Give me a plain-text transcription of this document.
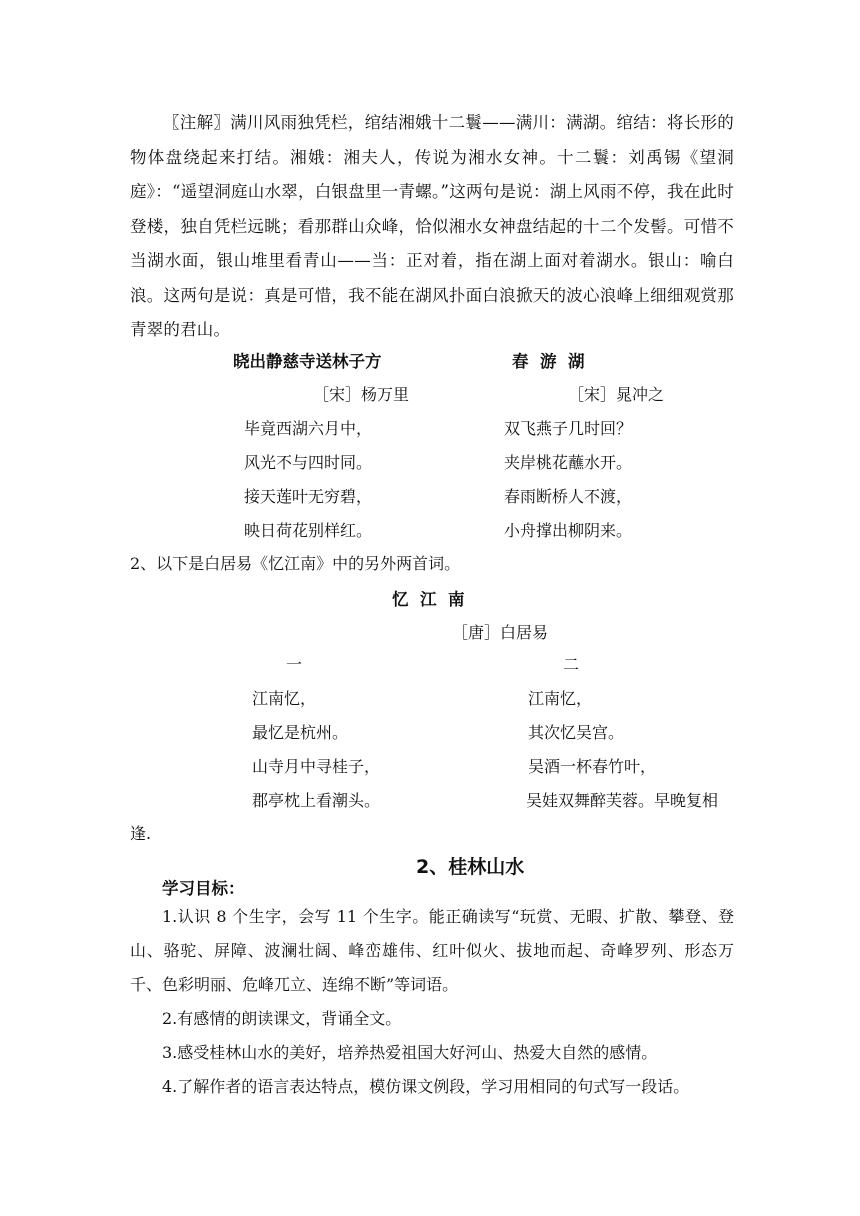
〖注解〗满川风雨独凭栏，绾结湘娥十二鬟——满川：满湖。绾结：将长形的物体盘绕起来打结。湘娥：湘夫人，传说为湘水女神。十二鬟：刘禹锡《望洞庭》：“遥望洞庭山水翠，白银盘里一青螺。”这两句是说：湖上风雨不停，我在此时登楼，独自凭栏远眺；看那群山众峰，恰似湘水女神盘结起的十二个发髻。可惜不当湖水面，银山堆里看青山——当：正对着，指在湖上面对着湖水。银山：喻白浪。这两句是说：真是可惜，我不能在湖风扑面白浪掀天的波心浪峰上细细观赏那青翠的君山。

晓出静慈寺送林子方
［宋］杨万里
毕竟西湖六月中，
风光不与四时同。
接天莲叶无穷碧，
映日荷花别样红。
春  游  湖
［宋］晁冲之
双飞燕子几时回？
夹岸桃花蘸水开。
春雨断桥人不渡，
小舟撑出柳阴来。
2、以下是白居易《忆江南》中的另外两首词。
忆  江  南
［唐］白居易
一
江南忆，
最忆是杭州。
山寺月中寻桂子，
郡亭枕上看潮头。
二
江南忆，
其次忆吴宫。
吴酒一杯春竹叶，
吴娃双舞醉芙蓉。早晚复相
逢.
2、桂林山水
学习目标：

1.认识 8 个生字，会写 11 个生字。能正确读写“玩赏、无暇、扩散、攀登、登山、骆驼、屏障、波澜壮阔、峰峦雄伟、红叶似火、拔地而起、奇峰罗列、形态万千、色彩明丽、危峰兀立、连绵不断”等词语。

2.有感情的朗读课文，背诵全文。

3.感受桂林山水的美好，培养热爱祖国大好河山、热爱大自然的感情。

4.了解作者的语言表达特点，模仿课文例段，学习用相同的句式写一段话。
